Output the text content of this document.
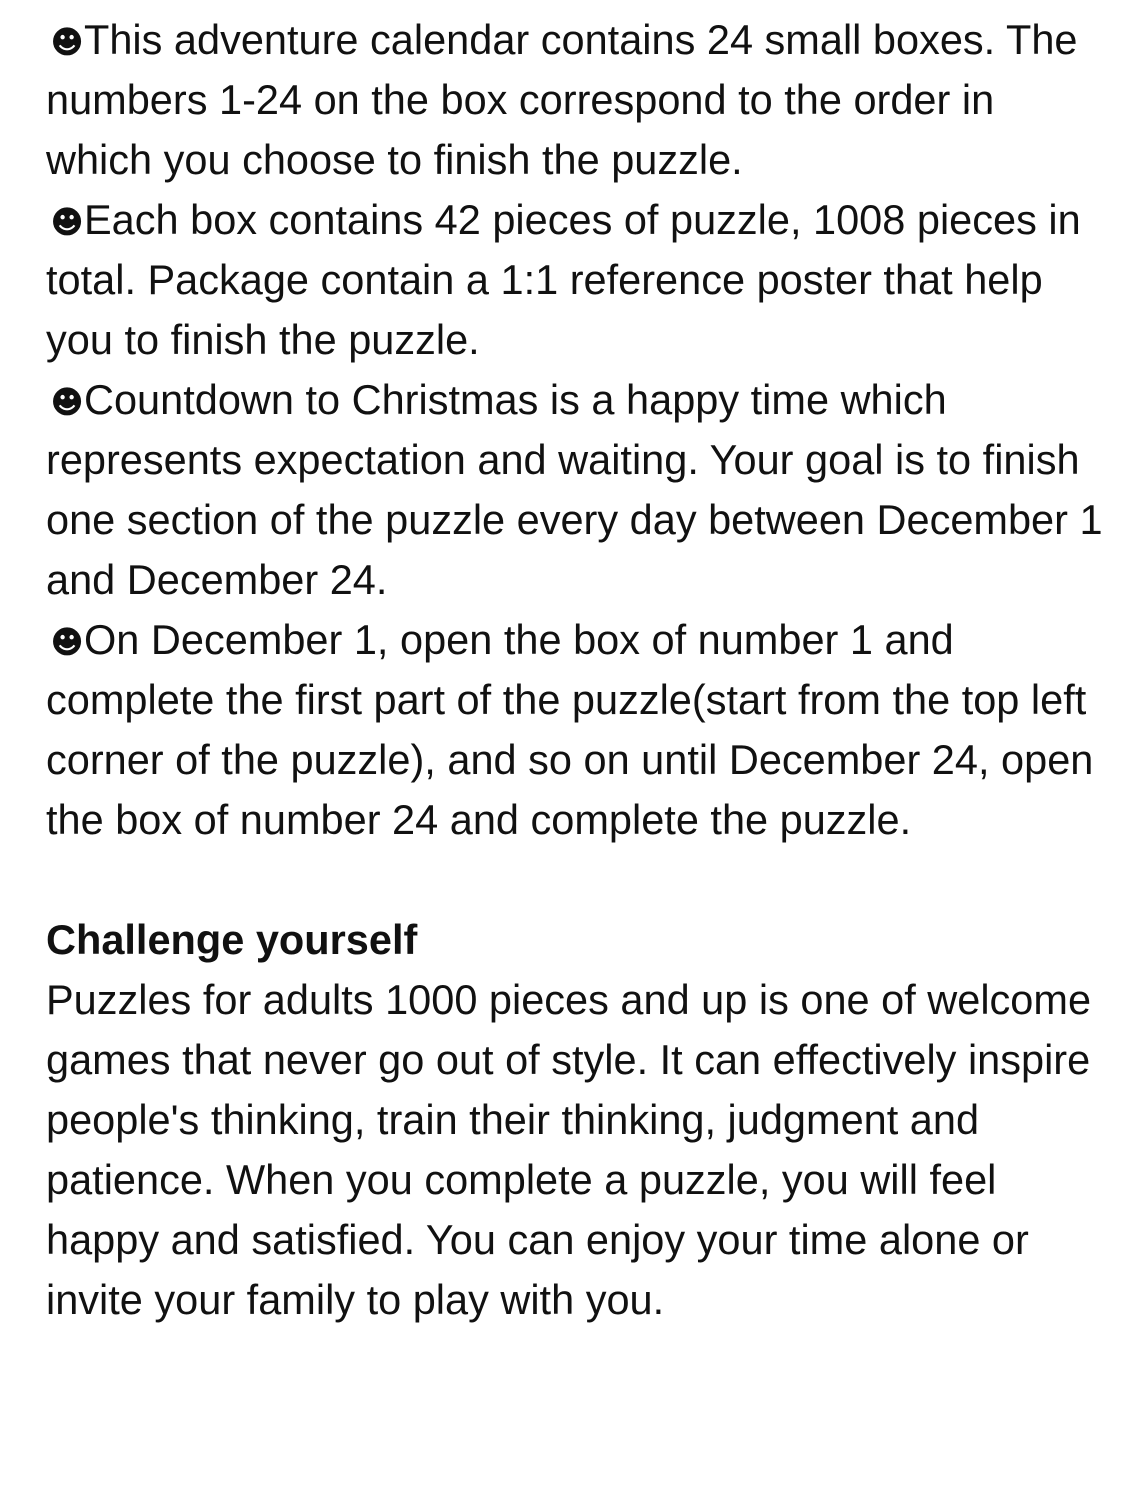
☻This adventure calendar contains 24 small boxes. The numbers 1-24 on the box correspond to the order in which you choose to finish the puzzle.

☻Each box contains 42 pieces of puzzle, 1008 pieces in total. Package contain a 1:1 reference poster that help you to finish the puzzle.

☻Countdown to Christmas is a happy time which represents expectation and waiting. Your goal is to finish one section of the puzzle every day between December 1 and December 24.

☻On December 1, open the box of number 1 and complete the first part of the puzzle(start from the top left corner of the puzzle), and so on until December 24, open the box of number 24 and complete the puzzle.

Challenge yourself

Puzzles for adults 1000 pieces and up is one of welcome games that never go out of style. It can effectively inspire people's thinking, train their thinking, judgment and patience. When you complete a puzzle, you will feel happy and satisfied. You can enjoy your time alone or invite your family to play with you.
